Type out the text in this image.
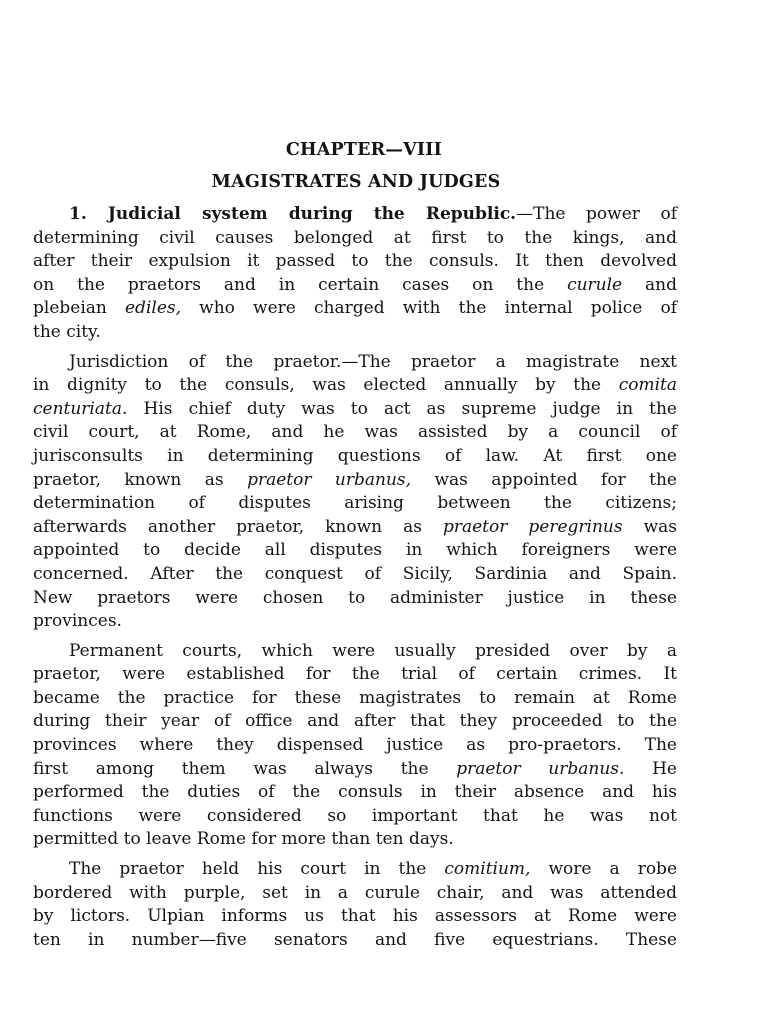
CHAPTER—VIII
MAGISTRATES AND JUDGES
1. Judicial system during the Republic.—The power of
determining civil causes belonged at first to the kings, and
after their expulsion it passed to the consuls. It then devolved
on the praetors and in certain cases on the curule and
plebeian ediles, who were charged with the internal police of
the city.
Jurisdiction of the praetor.—The praetor a magistrate next
in dignity to the consuls, was elected annually by the comita
centuriata. His chief duty was to act as supreme judge in the
civil court, at Rome, and he was assisted by a council of
jurisconsults in determining questions of law. At first one
praetor, known as praetor urbanus, was appointed for the
determination of disputes arising between the citizens;
afterwards another praetor, known as praetor peregrinus was
appointed to decide all disputes in which foreigners were
concerned. After the conquest of Sicily, Sardinia and Spain.
New praetors were chosen to administer justice in these
provinces.
Permanent courts, which were usually presided over by a
praetor, were established for the trial of certain crimes. It
became the practice for these magistrates to remain at Rome
during their year of office and after that they proceeded to the
provinces where they dispensed justice as pro-praetors. The
first among them was always the praetor urbanus. He
performed the duties of the consuls in their absence and his
functions were considered so important that he was not
permitted to leave Rome for more than ten days.
The praetor held his court in the comitium, wore a robe
bordered with purple, set in a curule chair, and was attended
by lictors. Ulpian informs us that his assessors at Rome were
ten in number—five senators and five equestrians. These
